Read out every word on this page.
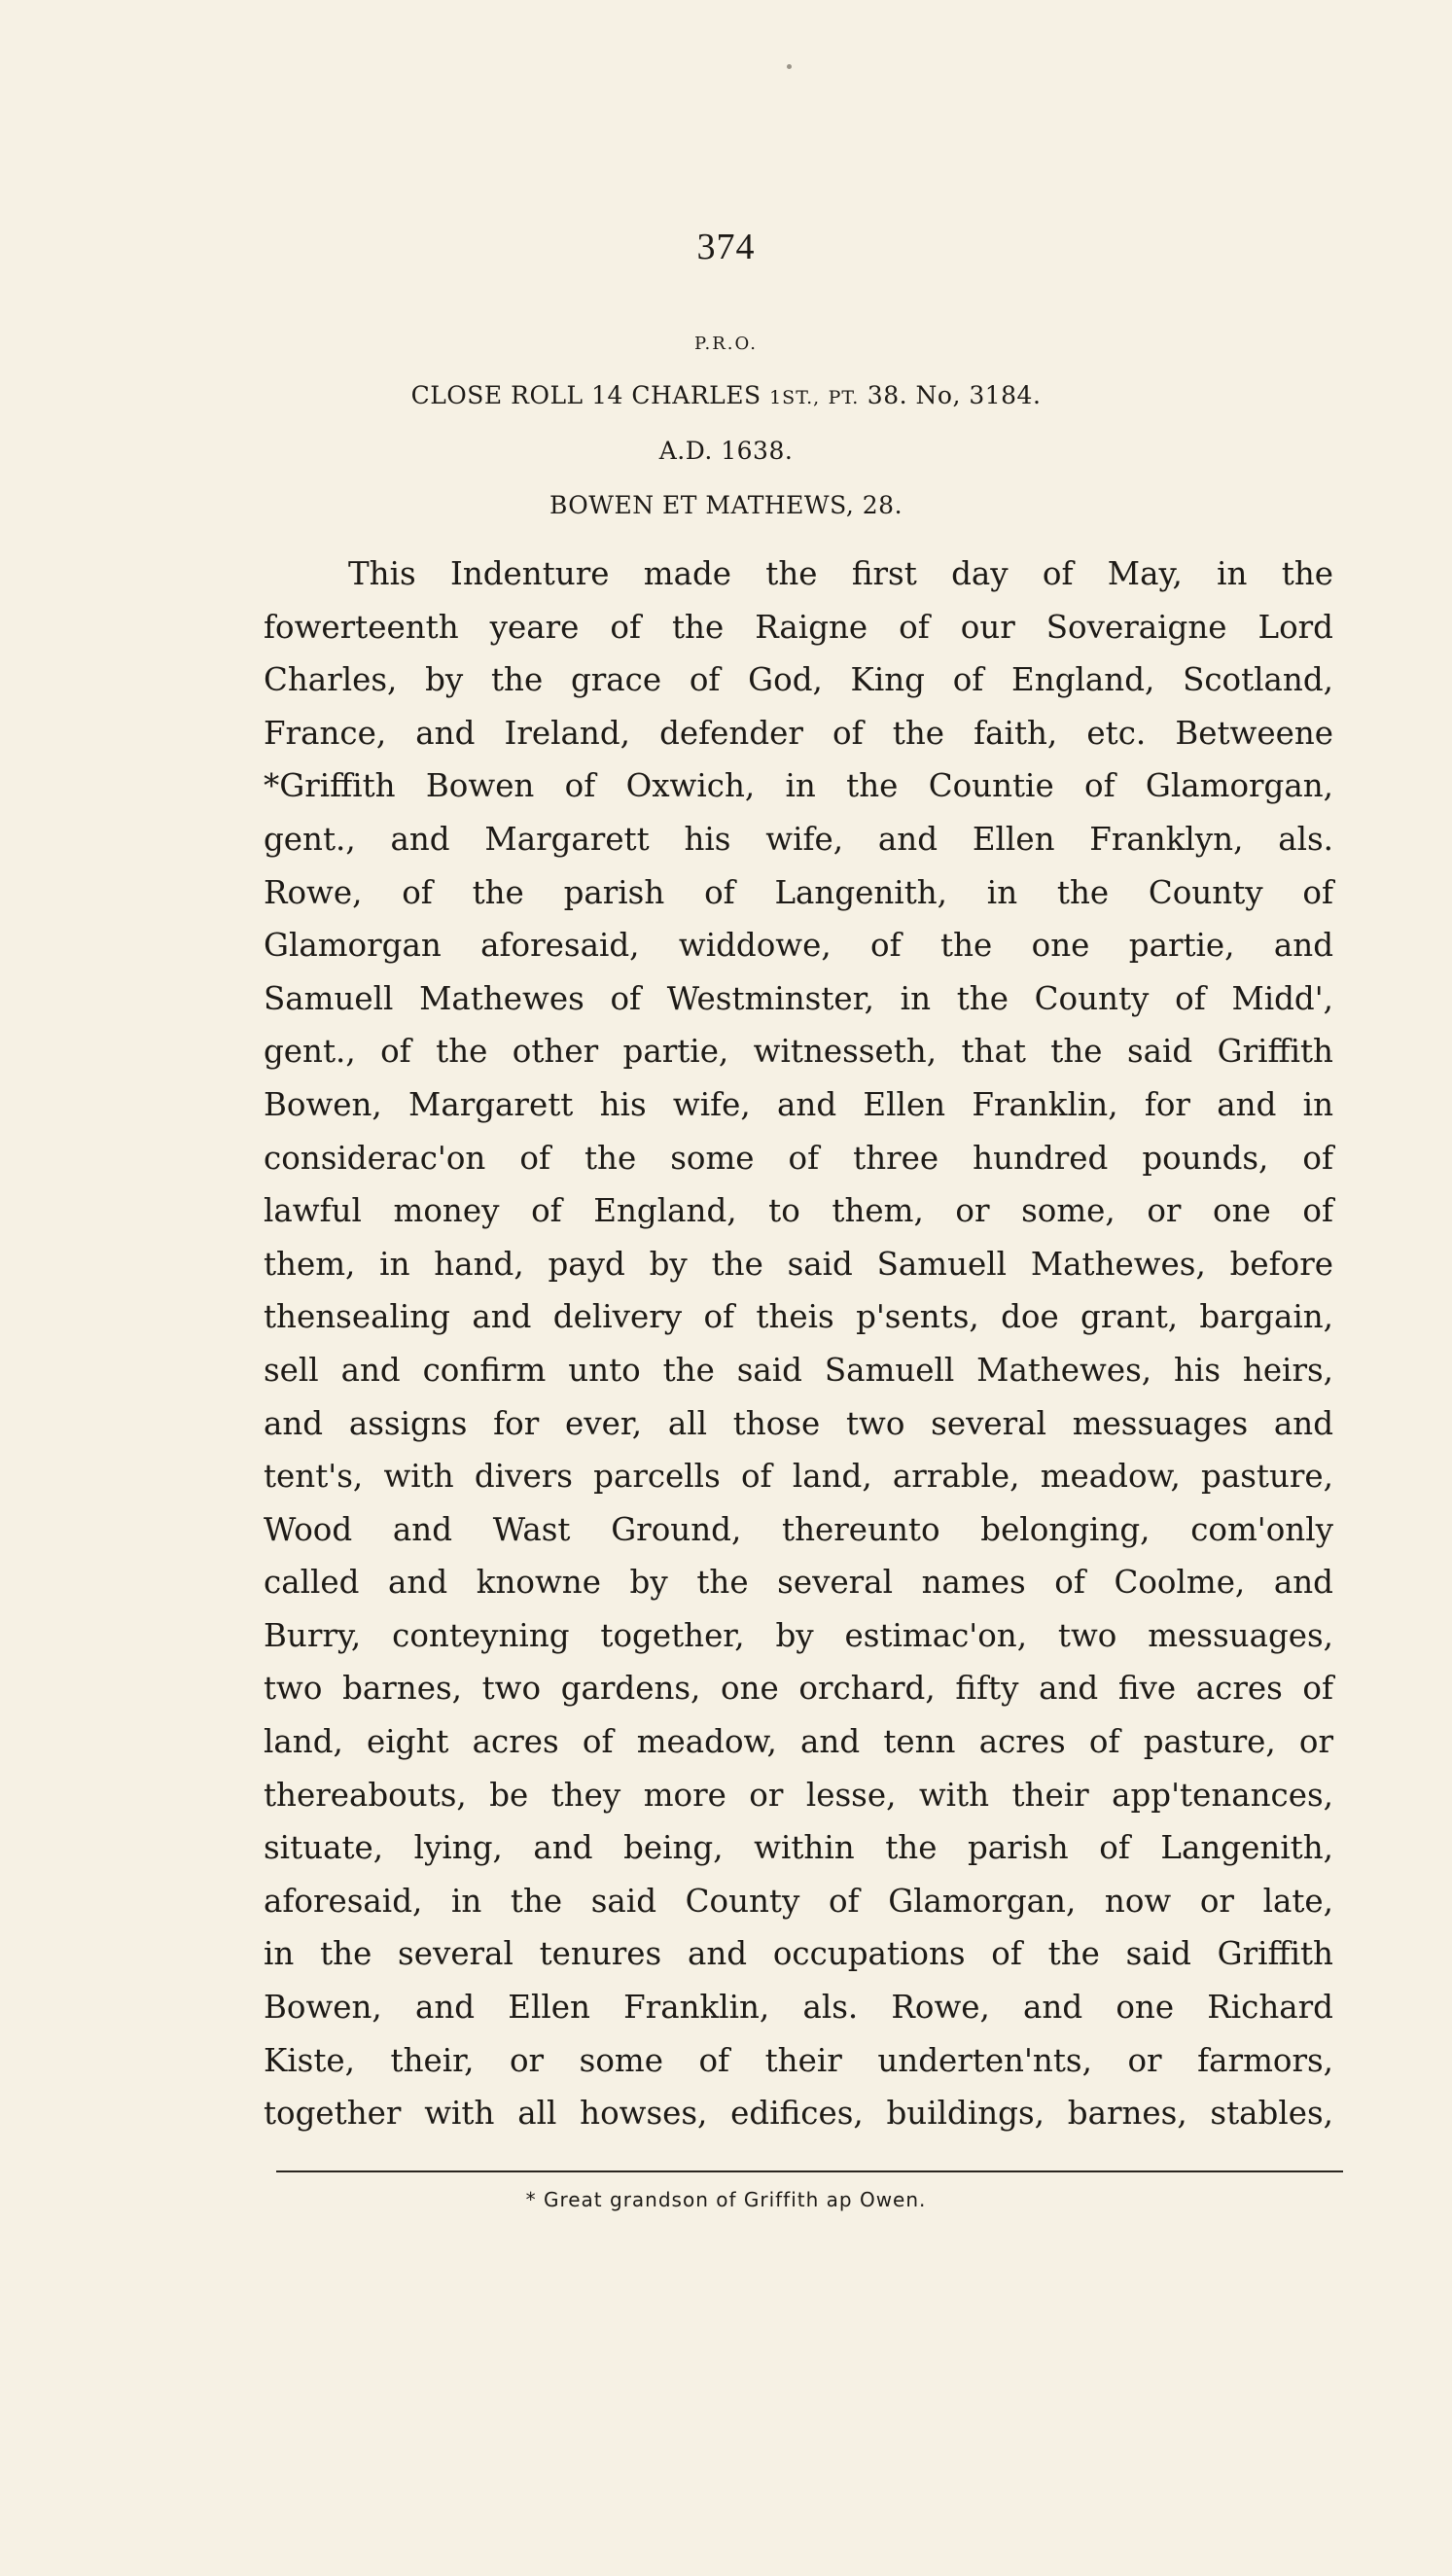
374
P.R.O.
CLOSE ROLL 14 CHARLES 1ST., PT. 38. No, 3184.
A.D. 1638.
BOWEN ET MATHEWS, 28.
This Indenture made the first day of May, in the
fowerteenth yeare of the Raigne of our Soveraigne Lord
Charles, by the grace of God, King of England, Scotland,
France, and Ireland, defender of the faith, etc. Betweene
*Griffith Bowen of Oxwich, in the Countie of Glamorgan,
gent., and Margarett his wife, and Ellen Franklyn, als.
Rowe, of the parish of Langenith, in the County of
Glamorgan aforesaid, widdowe, of the one partie, and
Samuell Mathewes of Westminster, in the County of Midd',
gent., of the other partie, witnesseth, that the said Griffith
Bowen, Margarett his wife, and Ellen Franklin, for and in
considerac'on of the some of three hundred pounds, of
lawful money of England, to them, or some, or one of
them, in hand, payd by the said Samuell Mathewes, before
thensealing and delivery of theis p'sents, doe grant, bargain,
sell and confirm unto the said Samuell Mathewes, his heirs,
and assigns for ever, all those two several messuages and
tent's, with divers parcells of land, arrable, meadow, pasture,
Wood and Wast Ground, thereunto belonging, com'only
called and knowne by the several names of Coolme, and
Burry, conteyning together, by estimac'on, two messuages,
two barnes, two gardens, one orchard, fifty and five acres of
land, eight acres of meadow, and tenn acres of pasture, or
thereabouts, be they more or lesse, with their app'tenances,
situate, lying, and being, within the parish of Langenith,
aforesaid, in the said County of Glamorgan, now or late,
in the several tenures and occupations of the said Griffith
Bowen, and Ellen Franklin, als. Rowe, and one Richard
Kiste, their, or some of their underten'nts, or farmors,
together with all howses, edifices, buildings, barnes, stables,
* Great grandson of Griffith ap Owen.
